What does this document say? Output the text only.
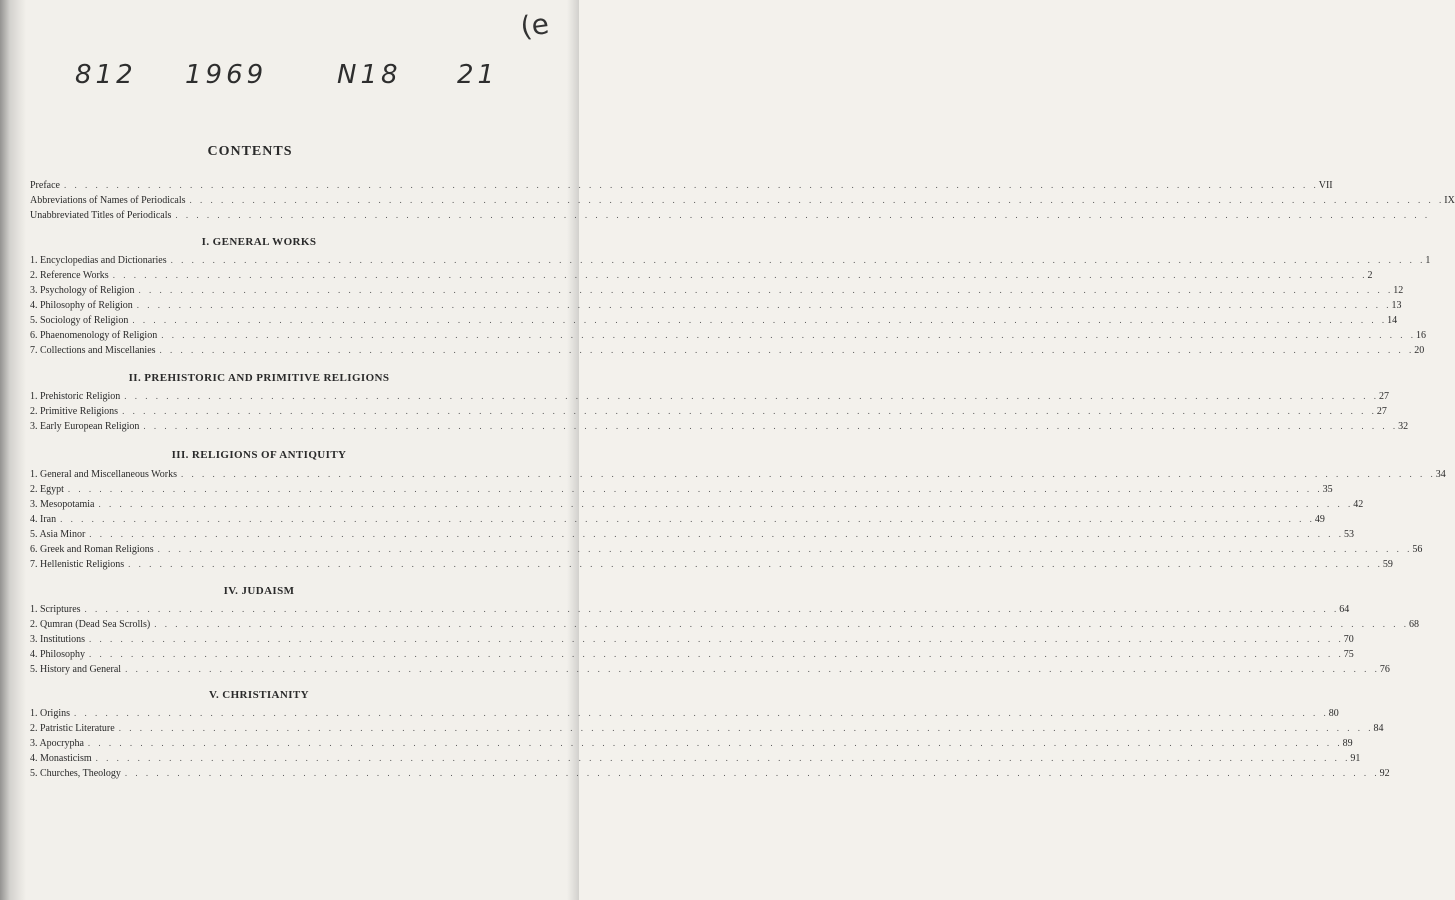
(e
812 1969	N18 21
CONTENTS
Preface . . . . . . . . . . . . . . . . . . . . . . . . . . . . . . . . . . . . . . . . . . . . . . . . . . . . . . . . . . . . . . . . . . . . . . . . . . . . . . . . . . . . . . . . . . . . . . . . . . . . . . . . . . . . . . . . . . . . . . . . VII
Abbreviations of Names of Periodicals . . . . . . . . . . . . . . . . . . . . . . . . . . . . . . . . . . . . . . . . . . . . . . . . . . . . . . . . . . . . . . . . . . . . . . . . . . . . . . . . . . . . . . . . . . . . . . . . . . . . . . . . . . . . . . . . . . . . . . . . IX
Unabbreviated Titles of Periodicals . . . . . . . . . . . . . . . . . . . . . . . . . . . . . . . . . . . . . . . . . . . . . . . . . . . . . . . . . . . . . . . . . . . . . . . . . . . . . . . . . . . . . . . . . . . . . . . . . . . . . . . . . . . . . . . . . . . . . . . .
I. GENERAL WORKS
1. Encyclopedias and Dictionaries . . . . . . . . . . . . . . . . . . . . . . . . . . . . . . . . . . . . . . . . . . . . . . . . . . . . . . . . . . . . . . . . . . . . . . . . . . . . . . . . . . . . . . . . . . . . . . . . . . . . . . . . . . . . . . . . . . . . . . . . 1
2. Reference Works . . . . . . . . . . . . . . . . . . . . . . . . . . . . . . . . . . . . . . . . . . . . . . . . . . . . . . . . . . . . . . . . . . . . . . . . . . . . . . . . . . . . . . . . . . . . . . . . . . . . . . . . . . . . . . . . . . . . . . . . 2
3. Psychology of Religion . . . . . . . . . . . . . . . . . . . . . . . . . . . . . . . . . . . . . . . . . . . . . . . . . . . . . . . . . . . . . . . . . . . . . . . . . . . . . . . . . . . . . . . . . . . . . . . . . . . . . . . . . . . . . . . . . . . . . . . . 12
4. Philosophy of Religion . . . . . . . . . . . . . . . . . . . . . . . . . . . . . . . . . . . . . . . . . . . . . . . . . . . . . . . . . . . . . . . . . . . . . . . . . . . . . . . . . . . . . . . . . . . . . . . . . . . . . . . . . . . . . . . . . . . . . . . . 13
5. Sociology of Religion . . . . . . . . . . . . . . . . . . . . . . . . . . . . . . . . . . . . . . . . . . . . . . . . . . . . . . . . . . . . . . . . . . . . . . . . . . . . . . . . . . . . . . . . . . . . . . . . . . . . . . . . . . . . . . . . . . . . . . . . 14
6. Phaenomenology of Religion . . . . . . . . . . . . . . . . . . . . . . . . . . . . . . . . . . . . . . . . . . . . . . . . . . . . . . . . . . . . . . . . . . . . . . . . . . . . . . . . . . . . . . . . . . . . . . . . . . . . . . . . . . . . . . . . . . . . . . . . 16
7. Collections and Miscellanies . . . . . . . . . . . . . . . . . . . . . . . . . . . . . . . . . . . . . . . . . . . . . . . . . . . . . . . . . . . . . . . . . . . . . . . . . . . . . . . . . . . . . . . . . . . . . . . . . . . . . . . . . . . . . . . . . . . . . . . . 20
II. PREHISTORIC AND PRIMITIVE RELIGIONS
1. Prehistoric Religion . . . . . . . . . . . . . . . . . . . . . . . . . . . . . . . . . . . . . . . . . . . . . . . . . . . . . . . . . . . . . . . . . . . . . . . . . . . . . . . . . . . . . . . . . . . . . . . . . . . . . . . . . . . . . . . . . . . . . . . . 27
2. Primitive Religions . . . . . . . . . . . . . . . . . . . . . . . . . . . . . . . . . . . . . . . . . . . . . . . . . . . . . . . . . . . . . . . . . . . . . . . . . . . . . . . . . . . . . . . . . . . . . . . . . . . . . . . . . . . . . . . . . . . . . . . . 27
3. Early European Religion . . . . . . . . . . . . . . . . . . . . . . . . . . . . . . . . . . . . . . . . . . . . . . . . . . . . . . . . . . . . . . . . . . . . . . . . . . . . . . . . . . . . . . . . . . . . . . . . . . . . . . . . . . . . . . . . . . . . . . . . 32
III. RELIGIONS OF ANTIQUITY
1. General and Miscellaneous Works . . . . . . . . . . . . . . . . . . . . . . . . . . . . . . . . . . . . . . . . . . . . . . . . . . . . . . . . . . . . . . . . . . . . . . . . . . . . . . . . . . . . . . . . . . . . . . . . . . . . . . . . . . . . . . . . . . . . . . . . 34
2. Egypt . . . . . . . . . . . . . . . . . . . . . . . . . . . . . . . . . . . . . . . . . . . . . . . . . . . . . . . . . . . . . . . . . . . . . . . . . . . . . . . . . . . . . . . . . . . . . . . . . . . . . . . . . . . . . . . . . . . . . . . . 35
3. Mesopotamia . . . . . . . . . . . . . . . . . . . . . . . . . . . . . . . . . . . . . . . . . . . . . . . . . . . . . . . . . . . . . . . . . . . . . . . . . . . . . . . . . . . . . . . . . . . . . . . . . . . . . . . . . . . . . . . . . . . . . . . . 42
4. Iran . . . . . . . . . . . . . . . . . . . . . . . . . . . . . . . . . . . . . . . . . . . . . . . . . . . . . . . . . . . . . . . . . . . . . . . . . . . . . . . . . . . . . . . . . . . . . . . . . . . . . . . . . . . . . . . . . . . . . . . . 49
5. Asia Minor . . . . . . . . . . . . . . . . . . . . . . . . . . . . . . . . . . . . . . . . . . . . . . . . . . . . . . . . . . . . . . . . . . . . . . . . . . . . . . . . . . . . . . . . . . . . . . . . . . . . . . . . . . . . . . . . . . . . . . . . 53
6. Greek and Roman Religions . . . . . . . . . . . . . . . . . . . . . . . . . . . . . . . . . . . . . . . . . . . . . . . . . . . . . . . . . . . . . . . . . . . . . . . . . . . . . . . . . . . . . . . . . . . . . . . . . . . . . . . . . . . . . . . . . . . . . . . . 56
7. Hellenistic Religions . . . . . . . . . . . . . . . . . . . . . . . . . . . . . . . . . . . . . . . . . . . . . . . . . . . . . . . . . . . . . . . . . . . . . . . . . . . . . . . . . . . . . . . . . . . . . . . . . . . . . . . . . . . . . . . . . . . . . . . . 59
IV. JUDAISM
1. Scriptures . . . . . . . . . . . . . . . . . . . . . . . . . . . . . . . . . . . . . . . . . . . . . . . . . . . . . . . . . . . . . . . . . . . . . . . . . . . . . . . . . . . . . . . . . . . . . . . . . . . . . . . . . . . . . . . . . . . . . . . . 64
2. Qumran (Dead Sea Scrolls) . . . . . . . . . . . . . . . . . . . . . . . . . . . . . . . . . . . . . . . . . . . . . . . . . . . . . . . . . . . . . . . . . . . . . . . . . . . . . . . . . . . . . . . . . . . . . . . . . . . . . . . . . . . . . . . . . . . . . . . . 68
3. Institutions . . . . . . . . . . . . . . . . . . . . . . . . . . . . . . . . . . . . . . . . . . . . . . . . . . . . . . . . . . . . . . . . . . . . . . . . . . . . . . . . . . . . . . . . . . . . . . . . . . . . . . . . . . . . . . . . . . . . . . . . 70
4. Philosophy . . . . . . . . . . . . . . . . . . . . . . . . . . . . . . . . . . . . . . . . . . . . . . . . . . . . . . . . . . . . . . . . . . . . . . . . . . . . . . . . . . . . . . . . . . . . . . . . . . . . . . . . . . . . . . . . . . . . . . . . 75
5. History and General . . . . . . . . . . . . . . . . . . . . . . . . . . . . . . . . . . . . . . . . . . . . . . . . . . . . . . . . . . . . . . . . . . . . . . . . . . . . . . . . . . . . . . . . . . . . . . . . . . . . . . . . . . . . . . . . . . . . . . . . 76
V. CHRISTIANITY
1. Origins . . . . . . . . . . . . . . . . . . . . . . . . . . . . . . . . . . . . . . . . . . . . . . . . . . . . . . . . . . . . . . . . . . . . . . . . . . . . . . . . . . . . . . . . . . . . . . . . . . . . . . . . . . . . . . . . . . . . . . . . 80
2. Patristic Literature . . . . . . . . . . . . . . . . . . . . . . . . . . . . . . . . . . . . . . . . . . . . . . . . . . . . . . . . . . . . . . . . . . . . . . . . . . . . . . . . . . . . . . . . . . . . . . . . . . . . . . . . . . . . . . . . . . . . . . . . 84
3. Apocrypha . . . . . . . . . . . . . . . . . . . . . . . . . . . . . . . . . . . . . . . . . . . . . . . . . . . . . . . . . . . . . . . . . . . . . . . . . . . . . . . . . . . . . . . . . . . . . . . . . . . . . . . . . . . . . . . . . . . . . . . . 89
4. Monasticism . . . . . . . . . . . . . . . . . . . . . . . . . . . . . . . . . . . . . . . . . . . . . . . . . . . . . . . . . . . . . . . . . . . . . . . . . . . . . . . . . . . . . . . . . . . . . . . . . . . . . . . . . . . . . . . . . . . . . . . . 91
5. Churches, Theology . . . . . . . . . . . . . . . . . . . . . . . . . . . . . . . . . . . . . . . . . . . . . . . . . . . . . . . . . . . . . . . . . . . . . . . . . . . . . . . . . . . . . . . . . . . . . . . . . . . . . . . . . . . . . . . . . . . . . . . . 92
